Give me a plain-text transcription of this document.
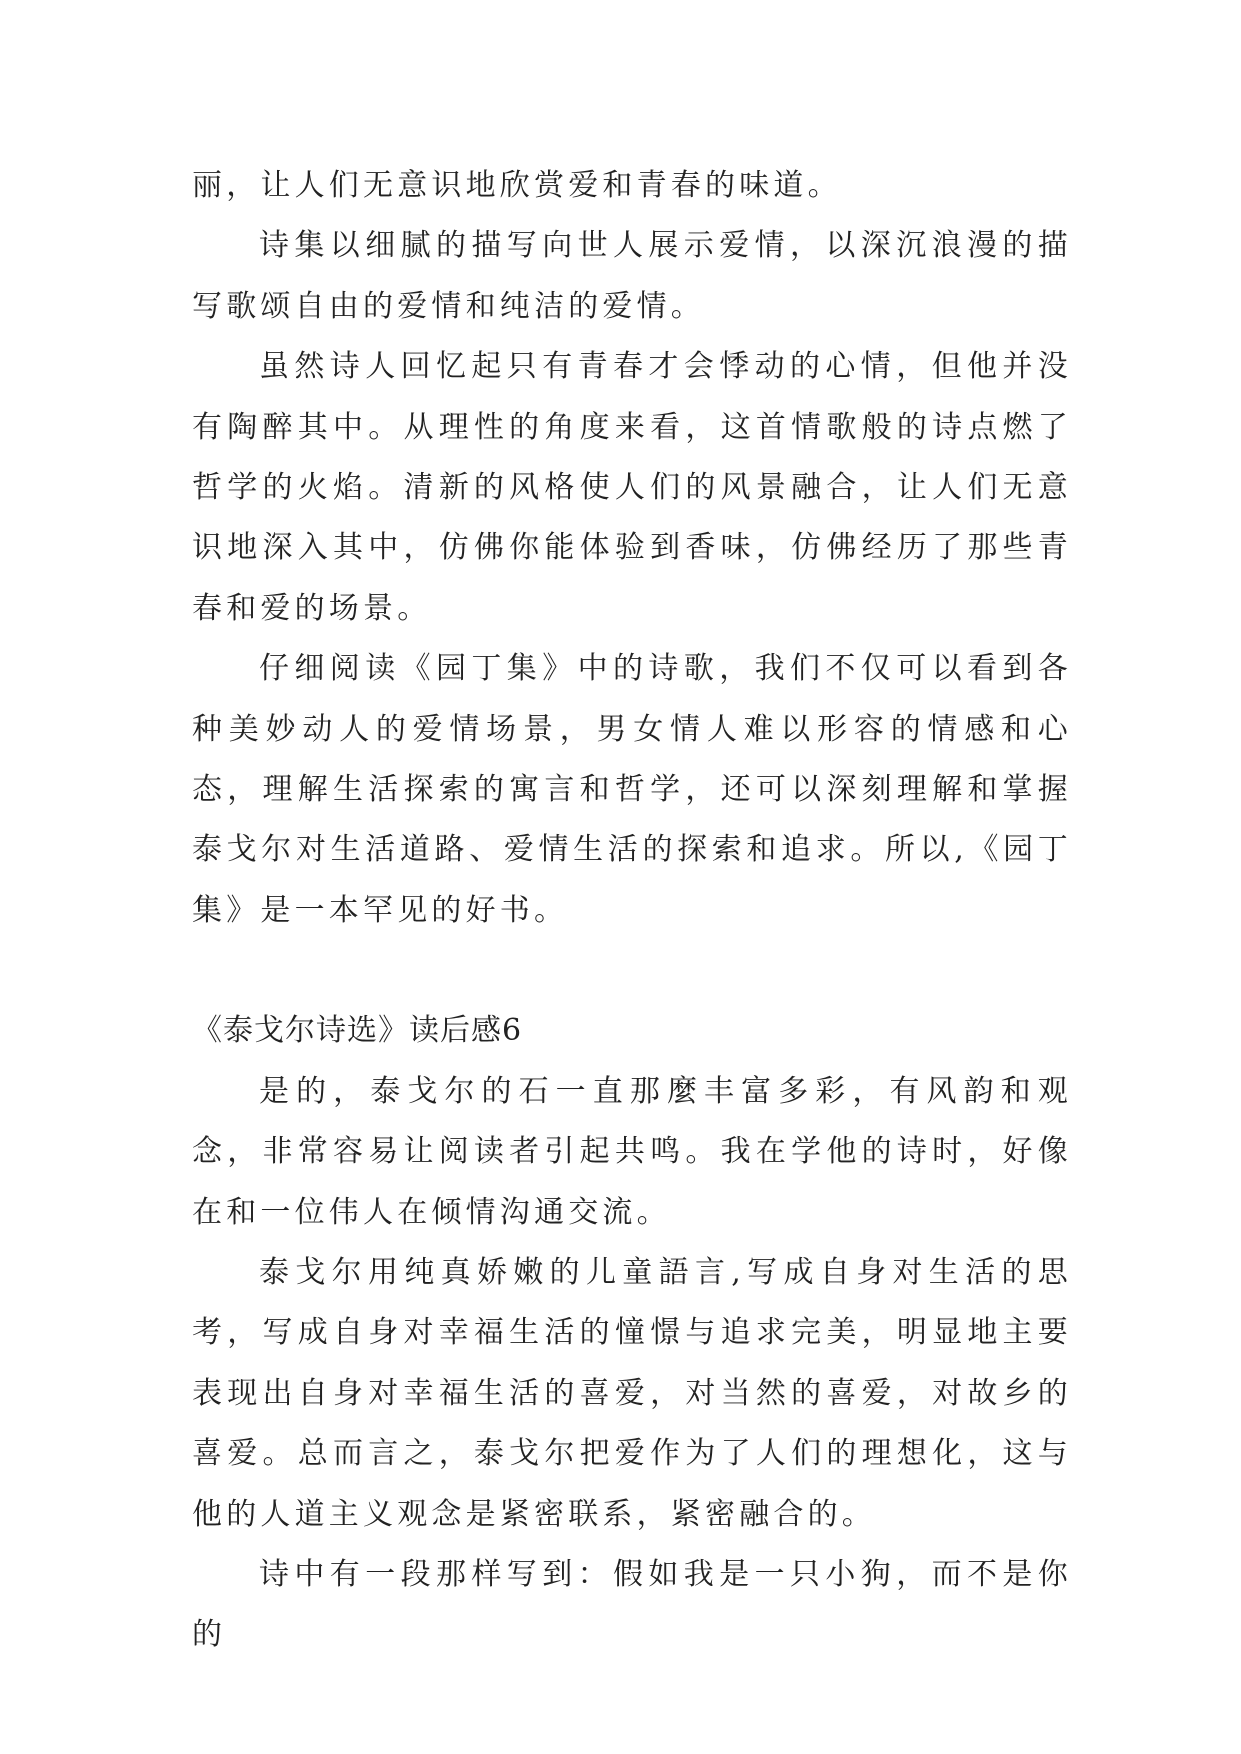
丽，让人们无意识地欣赏爱和青春的味道。

诗集以细腻的描写向世人展示爱情，以深沉浪漫的描写歌颂自由的爱情和纯洁的爱情。

虽然诗人回忆起只有青春才会悸动的心情，但他并没有陶醉其中。从理性的角度来看，这首情歌般的诗点燃了哲学的火焰。清新的风格使人们的风景融合，让人们无意识地深入其中，仿佛你能体验到香味，仿佛经历了那些青春和爱的场景。

仔细阅读《园丁集》中的诗歌，我们不仅可以看到各种美妙动人的爱情场景，男女情人难以形容的情感和心态，理解生活探索的寓言和哲学，还可以深刻理解和掌握泰戈尔对生活道路、爱情生活的探索和追求。所以,《园丁集》是一本罕见的好书。

《泰戈尔诗选》读后感6

是的，泰戈尔的石一直那麼丰富多彩，有风韵和观念，非常容易让阅读者引起共鸣。我在学他的诗时，好像在和一位伟人在倾情沟通交流。

泰戈尔用纯真娇嫩的儿童語言,写成自身对生活的思考，写成自身对幸福生活的憧憬与追求完美，明显地主要表现出自身对幸福生活的喜爱，对当然的喜爱，对故乡的喜爱。总而言之，泰戈尔把爱作为了人们的理想化，这与他的人道主义观念是紧密联系，紧密融合的。

诗中有一段那样写到：假如我是一只小狗，而不是你的
